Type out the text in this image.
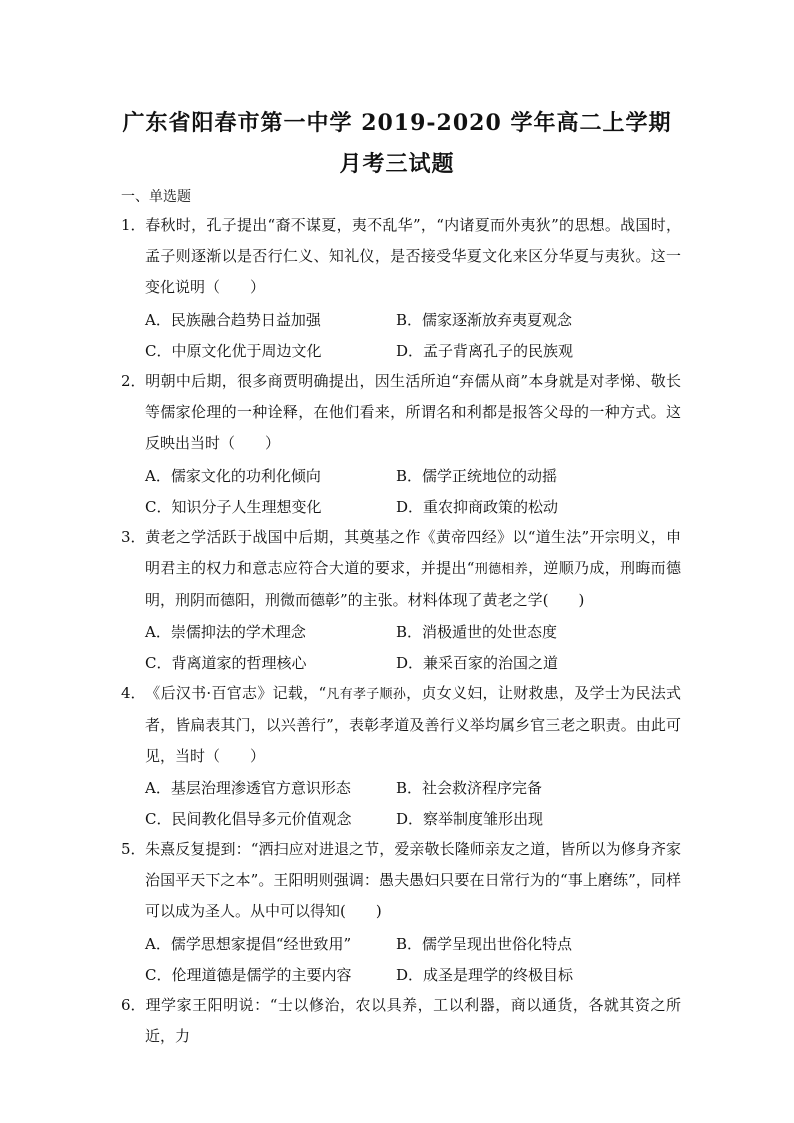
广东省阳春市第一中学 2019-2020 学年高二上学期
月考三试题
一、单选题
1．春秋时，孔子提出“裔不谋夏，夷不乱华”，“内诸夏而外夷狄”的思想。战国时，孟子则逐渐以是否行仁义、知礼仪，是否接受华夏文化来区分华夏与夷狄。这一变化说明（　　）
A．民族融合趋势日益加强	B．儒家逐渐放弃夷夏观念
C．中原文化优于周边文化	D．孟子背离孔子的民族观
2．明朝中后期，很多商贾明确提出，因生活所迫“弃儒从商”本身就是对孝悌、敬长等儒家伦理的一种诠释，在他们看来，所谓名和利都是报答父母的一种方式。这反映出当时（　　）
A．儒家文化的功利化倾向	B．儒学正统地位的动摇
C．知识分子人生理想变化	D．重农抑商政策的松动
3．黄老之学活跃于战国中后期，其奠基之作《黄帝四经》以“道生法”开宗明义，申明君主的权力和意志应符合大道的要求，并提出“刑德相养，逆顺乃成，刑晦而德明，刑阴而德阳，刑微而德彰”的主张。材料体现了黄老之学(　　)
A．崇儒抑法的学术理念	B．消极遁世的处世态度
C．背离道家的哲理核心	D．兼采百家的治国之道
4．《后汉书·百官志》记载，“凡有孝子顺孙，贞女义妇，让财救患，及学士为民法式者，皆扁表其门，以兴善行”，表彰孝道及善行义举均属乡官三老之职责。由此可见，当时（　　）
A．基层治理渗透官方意识形态	B．社会救济程序完备
C．民间教化倡导多元价值观念	D．察举制度雏形出现
5．朱熹反复提到：“洒扫应对进退之节，爱亲敬长隆师亲友之道，皆所以为修身齐家治国平天下之本”。王阳明则强调：愚夫愚妇只要在日常行为的“事上磨练”，同样可以成为圣人。从中可以得知(　　)
A．儒学思想家提倡“经世致用”	B．儒学呈现出世俗化特点
C．伦理道德是儒学的主要内容	D．成圣是理学的终极目标
6．理学家王阳明说：“士以修治，农以具养，工以利器，商以通货，各就其资之所近，力
